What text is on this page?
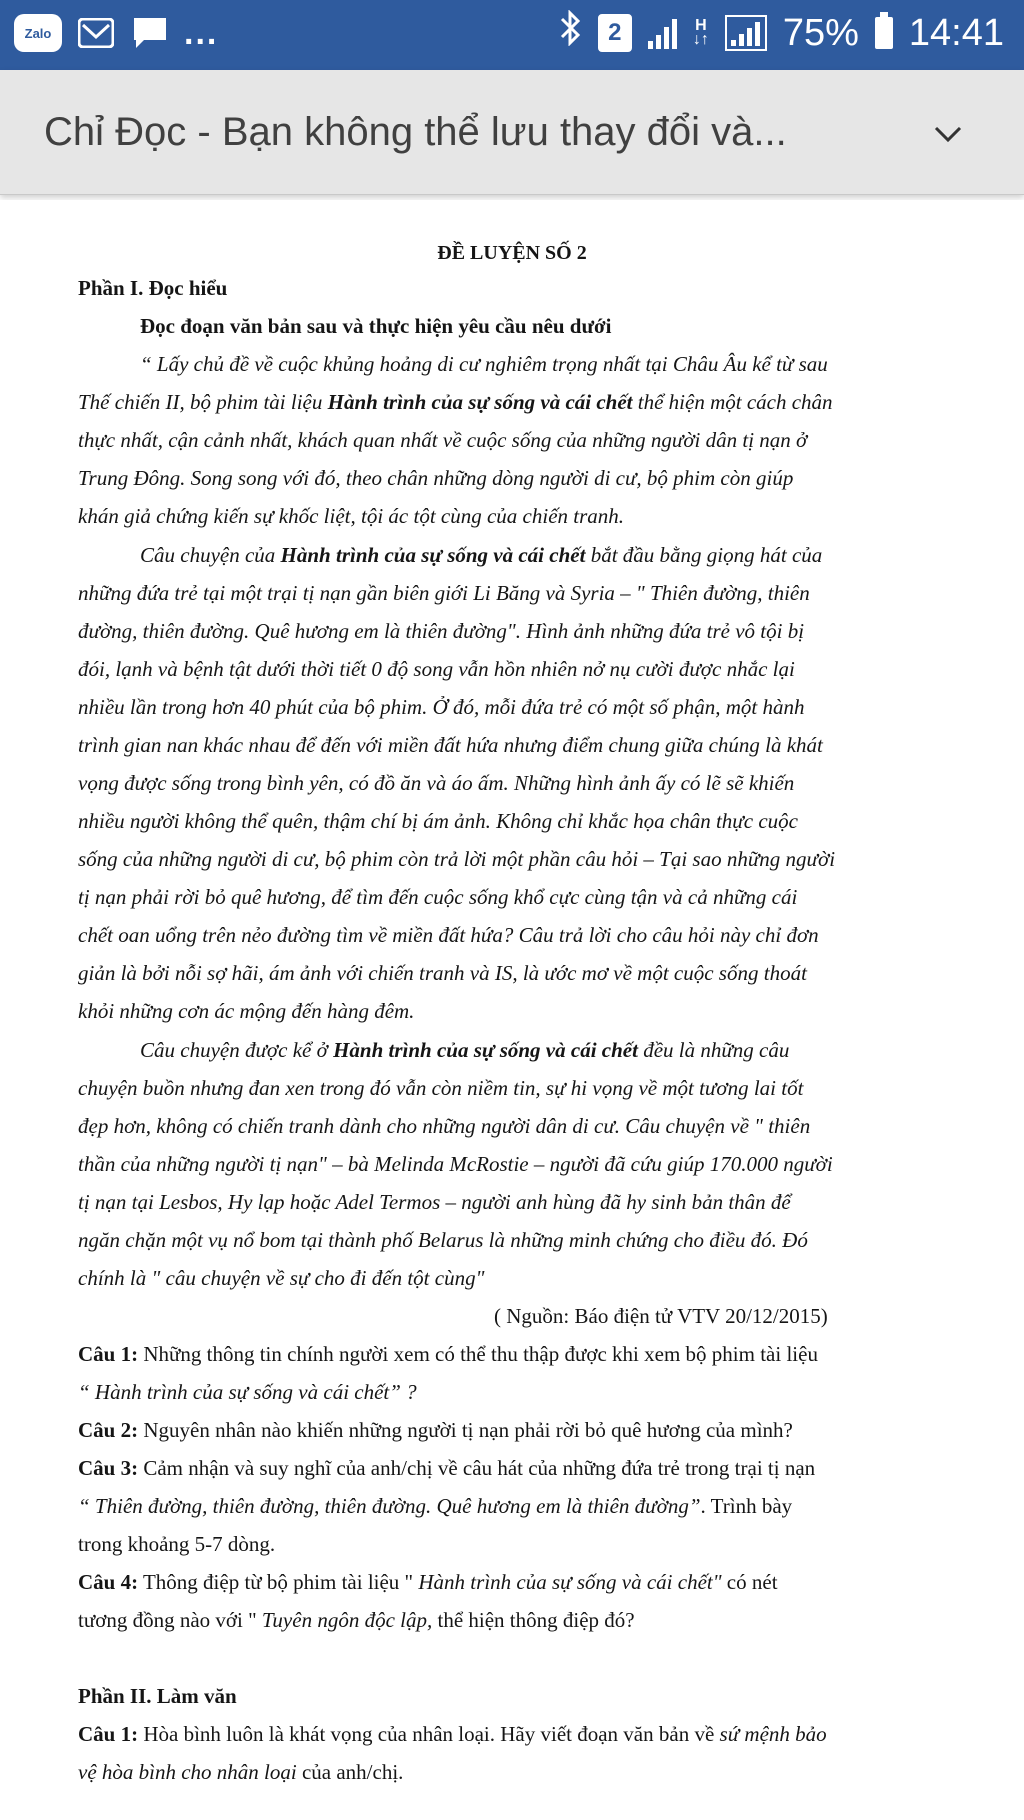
Zalo	...	2	H
↓↑ 75% 14:41
Chỉ Đọc - Bạn không thể lưu thay đổi và...
ĐỀ LUYỆN SỐ 2
Phần I. Đọc hiểu
Đọc đoạn văn bản sau và thực hiện yêu cầu nêu dưới
“ Lấy chủ đề về cuộc khủng hoảng di cư nghiêm trọng nhất tại Châu Âu kể từ sau
Thế chiến II, bộ phim tài liệu Hành trình của sự sống và cái chết thể hiện một cách chân
thực nhất, cận cảnh nhất, khách quan nhất về cuộc sống của những người dân tị nạn ở
Trung Đông. Song song với đó, theo chân những dòng người di cư, bộ phim còn giúp
khán giả chứng kiến sự khốc liệt, tội ác tột cùng của chiến tranh.
Câu chuyện của Hành trình của sự sống và cái chết bắt đầu bằng giọng hát của
những đứa trẻ tại một trại tị nạn gần biên giới Li Băng và Syria – " Thiên đường, thiên
đường, thiên đường. Quê hương em là thiên đường". Hình ảnh những đứa trẻ vô tội bị
đói, lạnh và bệnh tật dưới thời tiết 0 độ song vẫn hồn nhiên nở nụ cười được nhắc lại
nhiều lần trong hơn 40 phút của bộ phim. Ở đó, mỗi đứa trẻ có một số phận, một hành
trình gian nan khác nhau để đến với miền đất hứa nhưng điểm chung giữa chúng là khát
vọng được sống trong bình yên, có đồ ăn và áo ấm. Những hình ảnh ấy có lẽ sẽ khiến
nhiều người không thể quên, thậm chí bị ám ảnh. Không chỉ khắc họa chân thực cuộc
sống của những người di cư, bộ phim còn trả lời một phần câu hỏi – Tại sao những người
tị nạn phải rời bỏ quê hương, để tìm đến cuộc sống khổ cực cùng tận và cả những cái
chết oan uổng trên nẻo đường tìm về miền đất hứa? Câu trả lời cho câu hỏi này chỉ đơn
giản là bởi nỗi sợ hãi, ám ảnh với chiến tranh và IS, là ước mơ về một cuộc sống thoát
khỏi những cơn ác mộng đến hàng đêm.
Câu chuyện được kể ở Hành trình của sự sống và cái chết đều là những câu
chuyện buồn nhưng đan xen trong đó vẫn còn niềm tin, sự hi vọng về một tương lai tốt
đẹp hơn, không có chiến tranh dành cho những người dân di cư. Câu chuyện về " thiên
thần của những người tị nạn" – bà Melinda McRostie – người đã cứu giúp 170.000 người
tị nạn tại Lesbos, Hy lạp hoặc Adel Termos – người anh hùng đã hy sinh bản thân để
ngăn chặn một vụ nổ bom tại thành phố Belarus là những minh chứng cho điều đó. Đó
chính là " câu chuyện về sự cho đi đến tột cùng"
( Nguồn: Báo điện tử VTV 20/12/2015)
Câu 1: Những thông tin chính người xem có thể thu thập được khi xem bộ phim tài liệu
“ Hành trình của sự sống và cái chết” ?
Câu 2: Nguyên nhân nào khiến những người tị nạn phải rời bỏ quê hương của mình?
Câu 3: Cảm nhận và suy nghĩ của anh/chị về câu hát của những đứa trẻ trong trại tị nạn
“ Thiên đường, thiên đường, thiên đường. Quê hương em là thiên đường”. Trình bày
trong khoảng 5-7 dòng.
Câu 4: Thông điệp từ bộ phim tài liệu " Hành trình của sự sống và cái chết" có nét
tương đồng nào với " Tuyên ngôn độc lập, thể hiện thông điệp đó?
Phần II. Làm văn
Câu 1: Hòa bình luôn là khát vọng của nhân loại. Hãy viết đoạn văn bản về sứ mệnh bảo
vệ hòa bình cho nhân loại của anh/chị.
